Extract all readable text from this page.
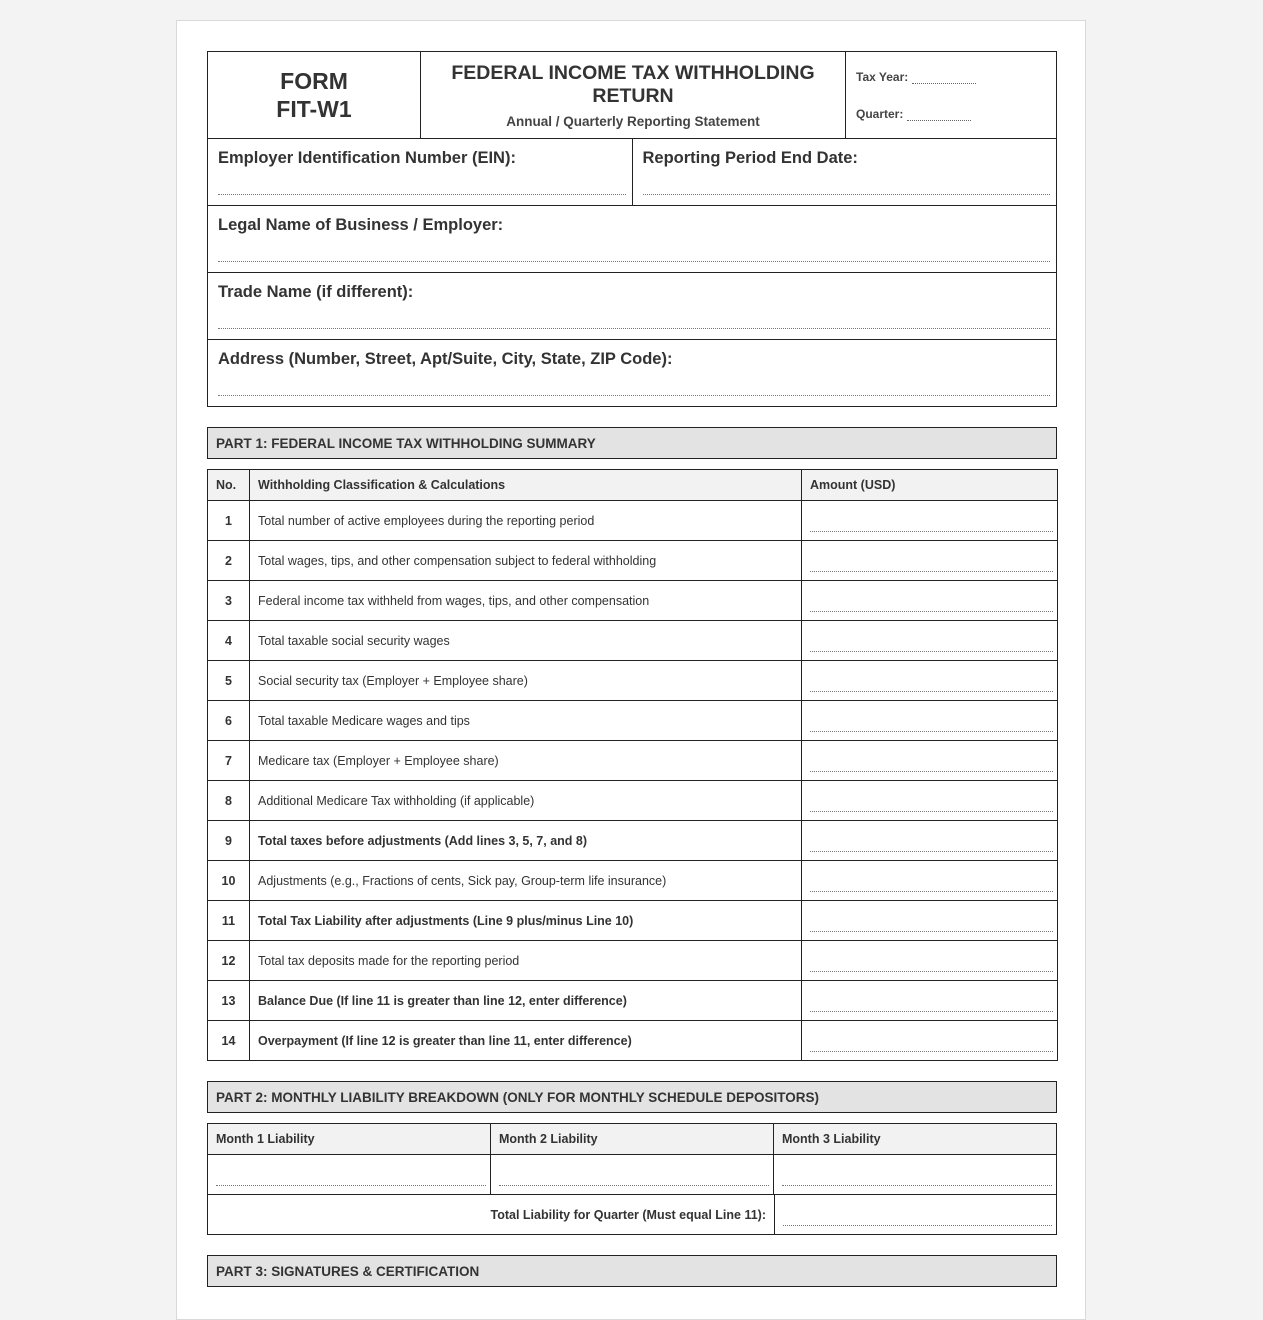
FORM
FIT-W1
FEDERAL INCOME TAX WITHHOLDING RETURN
Annual / Quarterly Reporting Statement
Tax Year:
Quarter:
Employer Identification Number (EIN):	Reporting Period End Date:
Legal Name of Business / Employer:
Trade Name (if different):
Address (Number, Street, Apt/Suite, City, State, ZIP Code):
PART 1: FEDERAL INCOME TAX WITHHOLDING SUMMARY
No.	Withholding Classification & Calculations	Amount (USD)
1	Total number of active employees during the reporting period	

2	Total wages, tips, and other compensation subject to federal withholding	

3	Federal income tax withheld from wages, tips, and other compensation	

4	Total taxable social security wages	

5	Social security tax (Employer + Employee share)	

6	Total taxable Medicare wages and tips	

7	Medicare tax (Employer + Employee share)	

8	Additional Medicare Tax withholding (if applicable)	

9	Total taxes before adjustments (Add lines 3, 5, 7, and 8)	

10	Adjustments (e.g., Fractions of cents, Sick pay, Group-term life insurance)	

11	Total Tax Liability after adjustments (Line 9 plus/minus Line 10)	

12	Total tax deposits made for the reporting period	

13	Balance Due (If line 11 is greater than line 12, enter difference)	

14	Overpayment (If line 12 is greater than line 11, enter difference)	
PART 2: MONTHLY LIABILITY BREAKDOWN (ONLY FOR MONTHLY SCHEDULE DEPOSITORS)
Month 1 Liability	Month 2 Liability	Month 3 Liability
Total Liability for Quarter (Must equal Line 11):
PART 3: SIGNATURES & CERTIFICATION
